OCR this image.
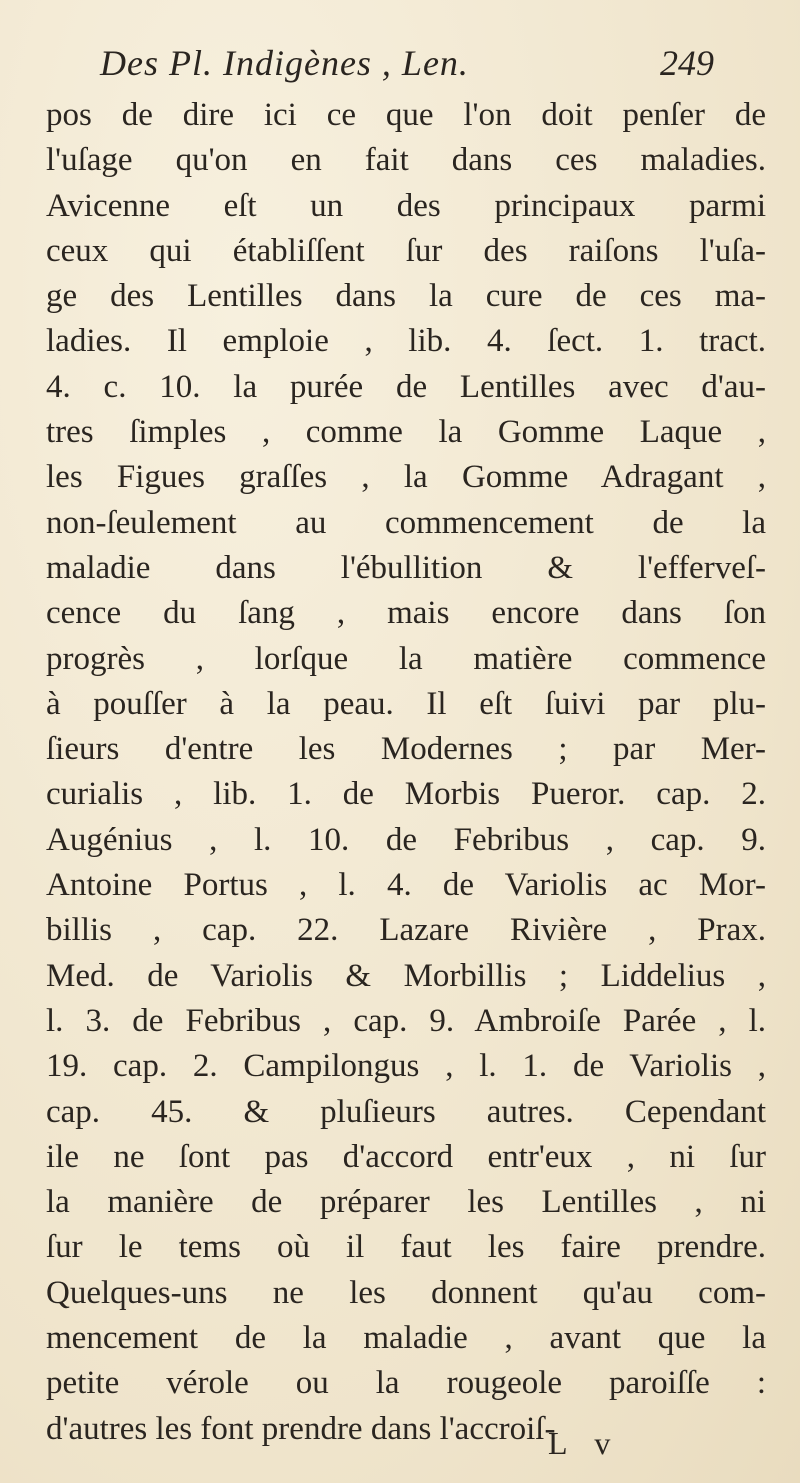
Des Pl. Indigènes , Len.	249
pos de dire ici ce que l'on doit penſer de
l'uſage qu'on en fait dans ces maladies.
Avicenne eſt un des principaux parmi
ceux qui établiſſent ſur des raiſons l'uſa-
ge des Lentilles dans la cure de ces ma-
ladies. Il emploie , lib. 4. ſect. 1. tract.
4. c. 10. la purée de Lentilles avec d'au-
tres ſimples , comme la Gomme Laque ,
les Figues graſſes , la Gomme Adragant ,
non-ſeulement au commencement de la
maladie dans l'ébullition & l'efferveſ-
cence du ſang , mais encore dans ſon
progrès , lorſque la matière commence
à pouſſer à la peau. Il eſt ſuivi par plu-
ſieurs d'entre les Modernes ; par Mer-
curialis , lib. 1. de Morbis Pueror. cap. 2.
Augénius , l. 10. de Febribus , cap. 9.
Antoine Portus , l. 4. de Variolis ac Mor-
billis , cap. 22. Lazare Rivière , Prax.
Med. de Variolis & Morbillis ; Liddelius ,
l. 3. de Febribus , cap. 9. Ambroiſe Parée , l.
19. cap. 2. Campilongus , l. 1. de Variolis ,
cap. 45. & pluſieurs autres. Cependant
ile ne ſont pas d'accord entr'eux , ni ſur
la manière de préparer les Lentilles , ni
ſur le tems où il faut les faire prendre.
Quelques-uns ne les donnent qu'au com-
mencement de la maladie , avant que la
petite vérole ou la rougeole paroiſſe :
d'autres les font prendre dans l'accroiſ-
L v
